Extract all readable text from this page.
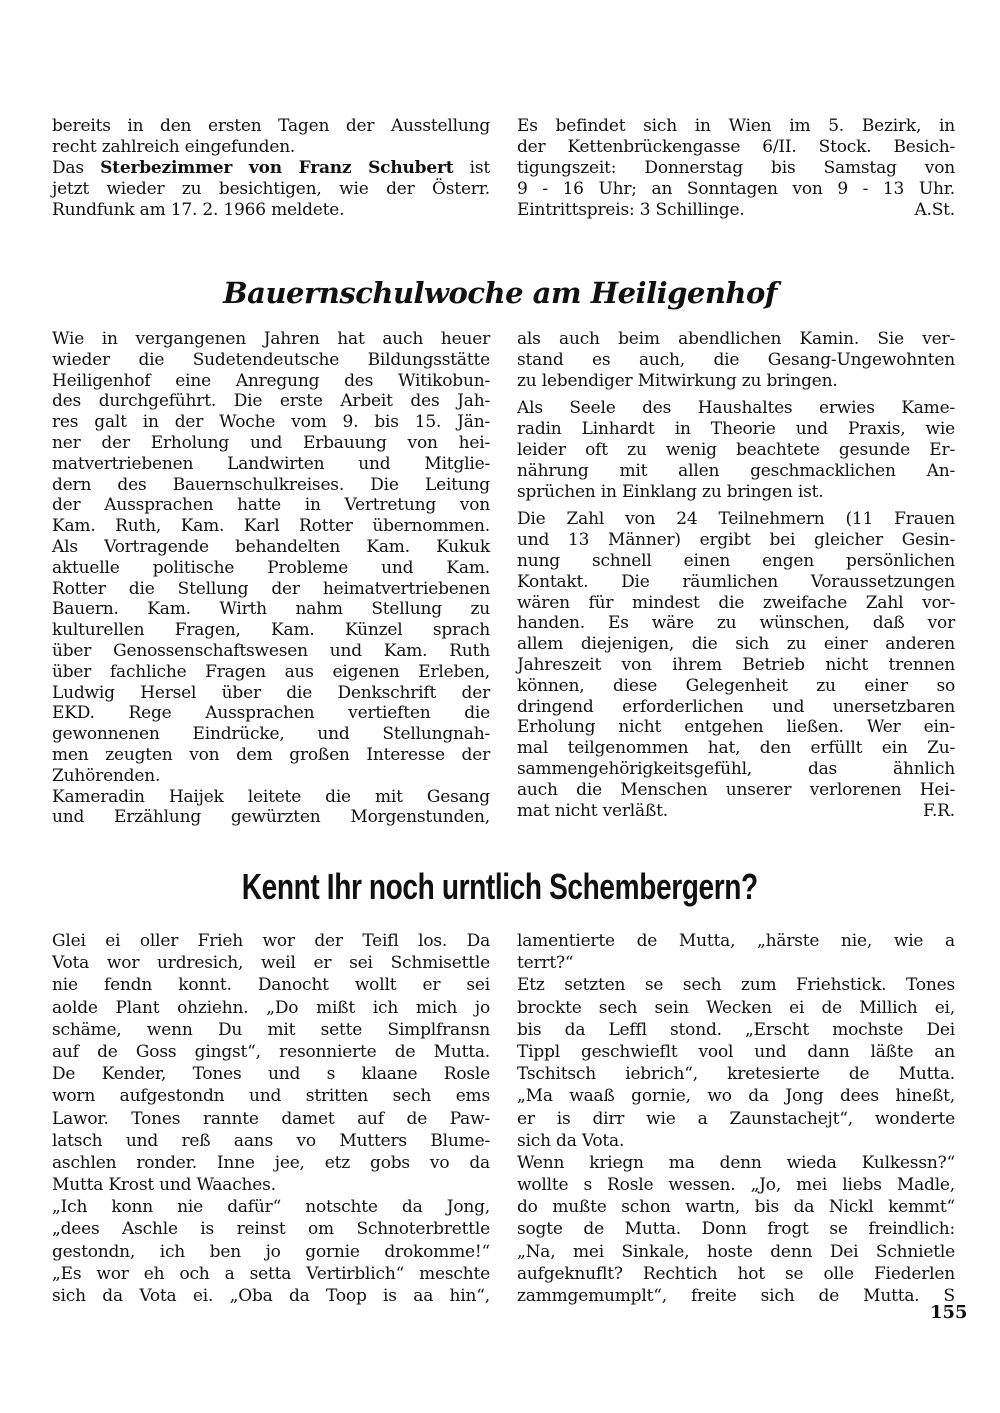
bereits in den ersten Tagen der Ausstellung
recht zahlreich eingefunden.
Das Sterbezimmer von Franz Schubert ist
jetzt wieder zu besichtigen, wie der Österr.
Rundfunk am 17. 2. 1966 meldete.
Es befindet sich in Wien im 5. Bezirk, in
der Kettenbrückengasse 6/II. Stock. Besich-
tigungszeit: Donnerstag bis Samstag von
9 - 16 Uhr; an Sonntagen von 9 - 13 Uhr.
Eintrittspreis: 3 Schillinge.	A.St.
Bauernschulwoche am Heiligenhof
Wie in vergangenen Jahren hat auch heuer
wieder die Sudetendeutsche Bildungsstätte
Heiligenhof eine Anregung des Witikobun-
des durchgeführt. Die erste Arbeit des Jah-
res galt in der Woche vom 9. bis 15. Jän-
ner der Erholung und Erbauung von hei-
matvertriebenen Landwirten und Mitglie-
dern des Bauernschulkreises. Die Leitung
der Aussprachen hatte in Vertretung von
Kam. Ruth, Kam. Karl Rotter übernommen.
Als Vortragende behandelten Kam. Kukuk
aktuelle politische Probleme und Kam.
Rotter die Stellung der heimatvertriebenen
Bauern. Kam. Wirth nahm Stellung zu
kulturellen Fragen, Kam. Künzel sprach
über Genossenschaftswesen und Kam. Ruth
über fachliche Fragen aus eigenen Erleben,
Ludwig Hersel über die Denkschrift der
EKD. Rege Aussprachen vertieften die
gewonnenen Eindrücke, und Stellungnah-
men zeugten von dem großen Interesse der
Zuhörenden.
Kameradin Haijek leitete die mit Gesang
und Erzählung gewürzten Morgenstunden,
als auch beim abendlichen Kamin. Sie ver-
stand es auch, die Gesang-Ungewohnten
zu lebendiger Mitwirkung zu bringen.
Als Seele des Haushaltes erwies Kame-
radin Linhardt in Theorie und Praxis, wie
leider oft zu wenig beachtete gesunde Er-
nährung mit allen geschmacklichen An-
sprüchen in Einklang zu bringen ist.
Die Zahl von 24 Teilnehmern (11 Frauen
und 13 Männer) ergibt bei gleicher Gesin-
nung schnell einen engen persönlichen
Kontakt. Die räumlichen Voraussetzungen
wären für mindest die zweifache Zahl vor-
handen. Es wäre zu wünschen, daß vor
allem diejenigen, die sich zu einer anderen
Jahreszeit von ihrem Betrieb nicht trennen
können, diese Gelegenheit zu einer so
dringend erforderlichen und unersetzbaren
Erholung nicht entgehen ließen. Wer ein-
mal teilgenommen hat, den erfüllt ein Zu-
sammengehörigkeitsgefühl, das ähnlich
auch die Menschen unserer verlorenen Hei-
mat nicht verläßt.	F.R.
Kennt Ihr noch urntlich Schembergern?
Glei ei oller Frieh wor der Teifl los. Da
Vota wor urdresich, weil er sei Schmisettle
nie fendn konnt. Danocht wollt er sei
aolde Plant ohziehn. „Do mißt ich mich jo
schäme, wenn Du mit sette Simplfransn
auf de Goss gingst“, resonnierte de Mutta.
De Kender, Tones und s klaane Rosle
worn aufgestondn und stritten sech ems
Lawor. Tones rannte damet auf de Paw-
latsch und reß aans vo Mutters Blume-
aschlen ronder. Inne jee, etz gobs vo da
Mutta Krost und Waaches.
„Ich konn nie dafür“ notschte da Jong,
„dees Aschle is reinst om Schnoterbrettle
gestondn, ich ben jo gornie drokomme!“
„Es wor eh och a setta Vertirblich“ meschte
sich da Vota ei. „Oba da Toop is aa hin“,
lamentierte de Mutta, „härste nie, wie a
terrt?“
Etz setzten se sech zum Friehstick. Tones
brockte sech sein Wecken ei de Millich ei,
bis da Leffl stond. „Erscht mochste Dei
Tippl geschwieflt vool und dann läßte an
Tschitsch iebrich“, kretesierte de Mutta.
„Ma waaß gornie, wo da Jong dees hineßt,
er is dirr wie a Zaunstachejt“, wonderte
sich da Vota.
Wenn kriegn ma denn wieda Kulkessn?“
wollte s Rosle wessen. „Jo, mei liebs Madle,
do mußte schon wartn, bis da Nickl kemmt“
sogte de Mutta. Donn frogt se freindlich:
„Na, mei Sinkale, hoste denn Dei Schnietle
aufgeknuflt? Rechtich hot se olle Fiederlen
zammgemumplt“, freite sich de Mutta. S
155
